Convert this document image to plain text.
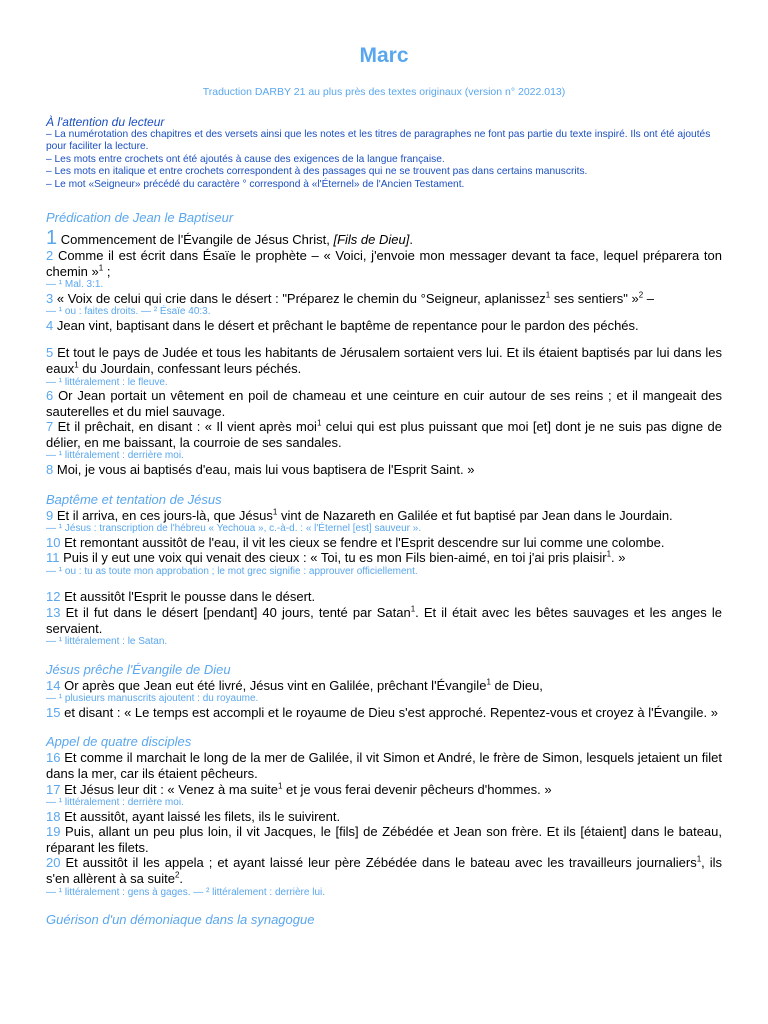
Marc
Traduction DARBY 21 au plus près des textes originaux (version n° 2022.013)
À l'attention du lecteur
– La numérotation des chapitres et des versets ainsi que les notes et les titres de paragraphes ne font pas partie du texte inspiré. Ils ont été ajoutés pour faciliter la lecture.
– Les mots entre crochets ont été ajoutés à cause des exigences de la langue française.
– Les mots en italique et entre crochets correspondent à des passages qui ne se trouvent pas dans certains manuscrits.
– Le mot «Seigneur» précédé du caractère ° correspond à «l'Éternel» de l'Ancien Testament.
Prédication de Jean le Baptiseur
1 Commencement de l'Évangile de Jésus Christ, [Fils de Dieu].
2 Comme il est écrit dans Ésaïe le prophète – « Voici, j'envoie mon messager devant ta face, lequel préparera ton chemin »$^1$ ;
— ¹ Mal. 3:1.
3 « Voix de celui qui crie dans le désert : "Préparez le chemin du °Seigneur, aplanissez$^1$ ses sentiers" »$^2$ –
— ¹ ou : faites droits. — ² Ésaïe 40:3.
4 Jean vint, baptisant dans le désert et prêchant le baptême de repentance pour le pardon des péchés.
5 Et tout le pays de Judée et tous les habitants de Jérusalem sortaient vers lui. Et ils étaient baptisés par lui dans les eaux$^1$ du Jourdain, confessant leurs péchés.
— ¹ littéralement : le fleuve.
6 Or Jean portait un vêtement en poil de chameau et une ceinture en cuir autour de ses reins ; et il mangeait des sauterelles et du miel sauvage.
7 Et il prêchait, en disant : « Il vient après moi$^1$ celui qui est plus puissant que moi [et] dont je ne suis pas digne de délier, en me baissant, la courroie de ses sandales.
— ¹ littéralement : derrière moi.
8 Moi, je vous ai baptisés d'eau, mais lui vous baptisera de l'Esprit Saint. »
Baptême et tentation de Jésus
9 Et il arriva, en ces jours-là, que Jésus$^1$ vint de Nazareth en Galilée et fut baptisé par Jean dans le Jourdain.
— ¹ Jésus : transcription de l'hébreu « Yechoua », c.-à-d. : « l'Éternel [est] sauveur ».
10 Et remontant aussitôt de l'eau, il vit les cieux se fendre et l'Esprit descendre sur lui comme une colombe.
11 Puis il y eut une voix qui venait des cieux : « Toi, tu es mon Fils bien-aimé, en toi j'ai pris plaisir$^1$. »
— ¹ ou : tu as toute mon approbation ; le mot grec signifie : approuver officiellement.
12 Et aussitôt l'Esprit le pousse dans le désert.
13 Et il fut dans le désert [pendant] 40 jours, tenté par Satan$^1$. Et il était avec les bêtes sauvages et les anges le servaient.
— ¹ littéralement : le Satan.
Jésus prêche l'Évangile de Dieu
14 Or après que Jean eut été livré, Jésus vint en Galilée, prêchant l'Évangile$^1$ de Dieu,
— ¹ plusieurs manuscrits ajoutent : du royaume.
15 et disant : « Le temps est accompli et le royaume de Dieu s'est approché. Repentez-vous et croyez à l'Évangile. »
Appel de quatre disciples
16 Et comme il marchait le long de la mer de Galilée, il vit Simon et André, le frère de Simon, lesquels jetaient un filet dans la mer, car ils étaient pêcheurs.
17 Et Jésus leur dit : « Venez à ma suite$^1$ et je vous ferai devenir pêcheurs d'hommes. »
— ¹ littéralement : derrière moi.
18 Et aussitôt, ayant laissé les filets, ils le suivirent.
19 Puis, allant un peu plus loin, il vit Jacques, le [fils] de Zébédée et Jean son frère. Et ils [étaient] dans le bateau, réparant les filets.
20 Et aussitôt il les appela ; et ayant laissé leur père Zébédée dans le bateau avec les travailleurs journaliers$^1$, ils s'en allèrent à sa suite$^2$.
— ¹ littéralement : gens à gages. — ² littéralement : derrière lui.
Guérison d'un démoniaque dans la synagogue
